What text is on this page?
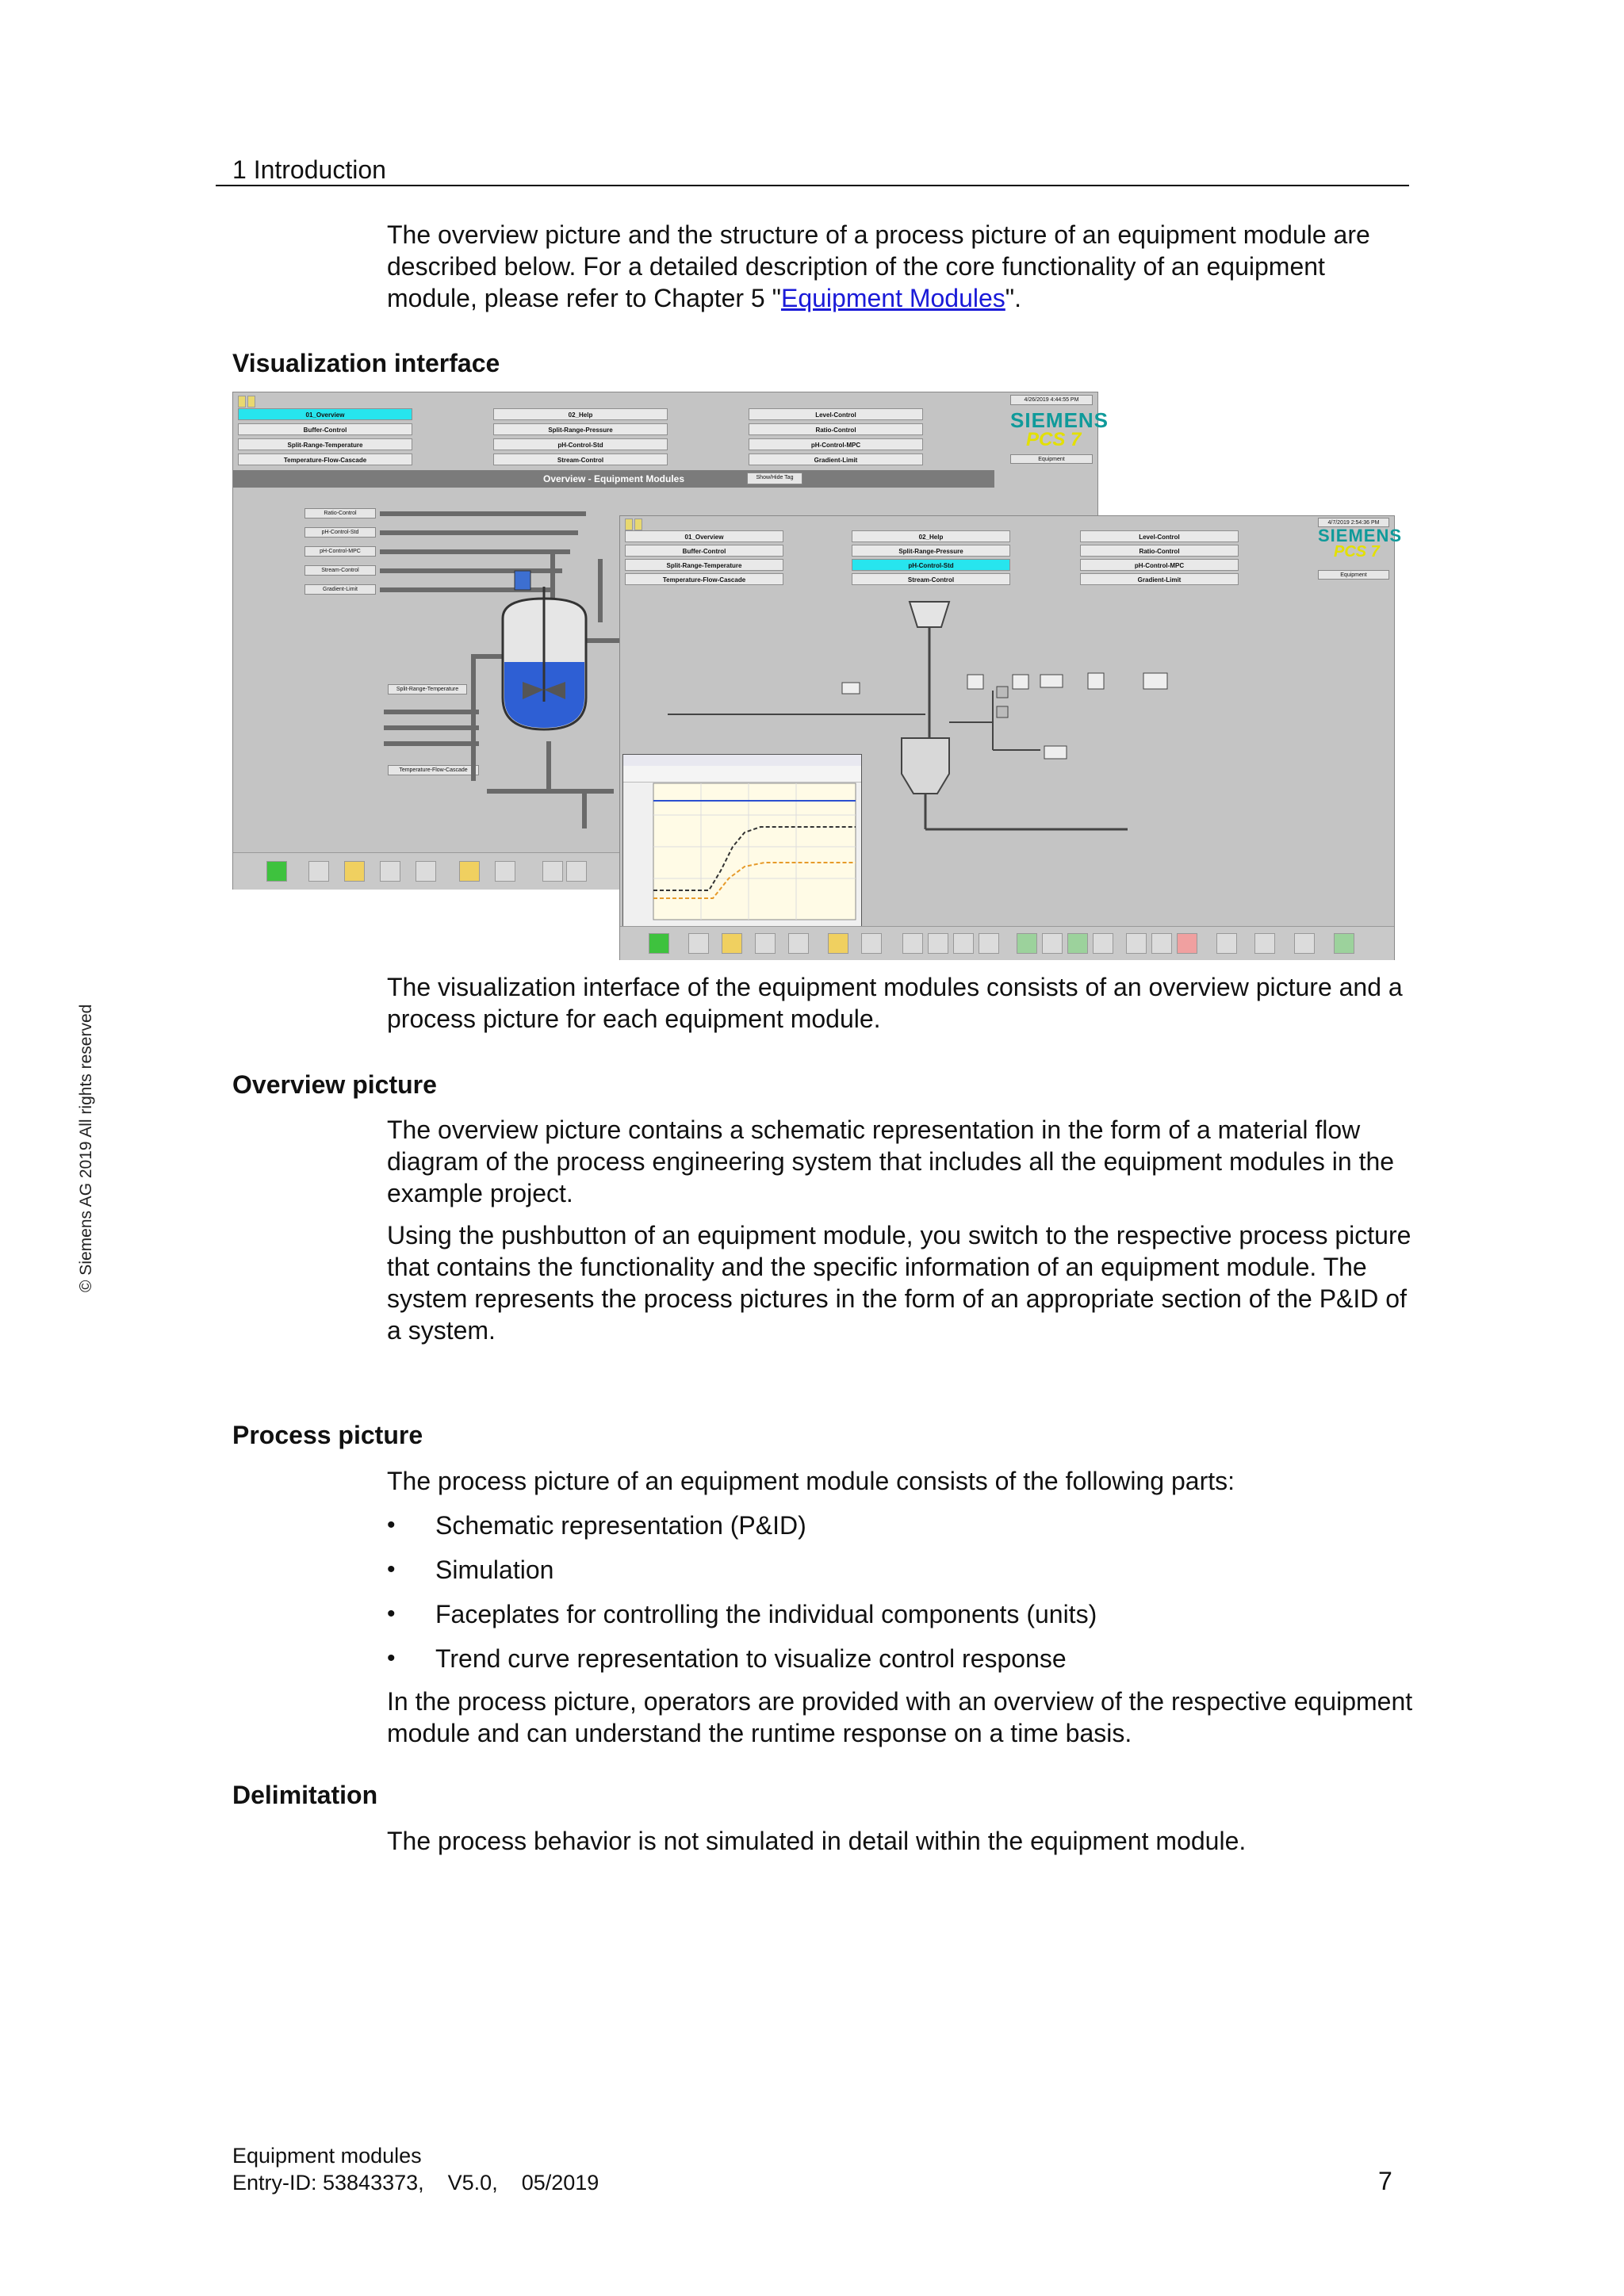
1 Introduction
The overview picture and the structure of a process picture of an equipment module are described below. For a detailed description of the core functionality of an equipment module, please refer to Chapter 5 "Equipment Modules".
Visualization interface
4/26/2019 4:44:55 PM
01_Overview	02_Help	Level-Control
Buffer-Control	Split-Range-Pressure	Ratio-Control
Split-Range-Temperature	pH-Control-Std	pH-Control-MPC
Temperature-Flow-Cascade	Stream-Control	Gradient-Limit
SIEMENS
PCS 7
Equipment
Overview - Equipment Modules	Show/Hide Tag
Ratio-Control
pH-Control-Std
pH-Control-MPC
Stream-Control
Gradient-Limit
Split-Range-Temperature
Temperature-Flow-Cascade
4/7/2019 2:54:36 PM
01_Overview	02_Help	Level-Control
Buffer-Control	Split-Range-Pressure	Ratio-Control
Split-Range-Temperature	pH-Control-Std	pH-Control-MPC
Temperature-Flow-Cascade	Stream-Control	Gradient-Limit
SIEMENS
PCS 7
Equipment
The visualization interface of the equipment modules consists of an overview picture and a process picture for each equipment module.
Overview picture
The overview picture contains a schematic representation in the form of a material flow diagram of the process engineering system that includes all the equipment modules in the example project.
Using the pushbutton of an equipment module, you switch to the respective process picture that contains the functionality and the specific information of an equipment module. The system represents the process pictures in the form of an appropriate section of the P&ID of a system.
Process picture
The process picture of an equipment module consists of the following parts:
• Schematic representation (P&ID)
• Simulation
• Faceplates for controlling the individual components (units)
• Trend curve representation to visualize control response
In the process picture, operators are provided with an overview of the respective equipment module and can understand the runtime response on a time basis.
Delimitation
The process behavior is not simulated in detail within the equipment module.
© Siemens AG 2019 All rights reserved
Equipment modules
Entry-ID: 53843373,    V5.0,    05/2019	7
